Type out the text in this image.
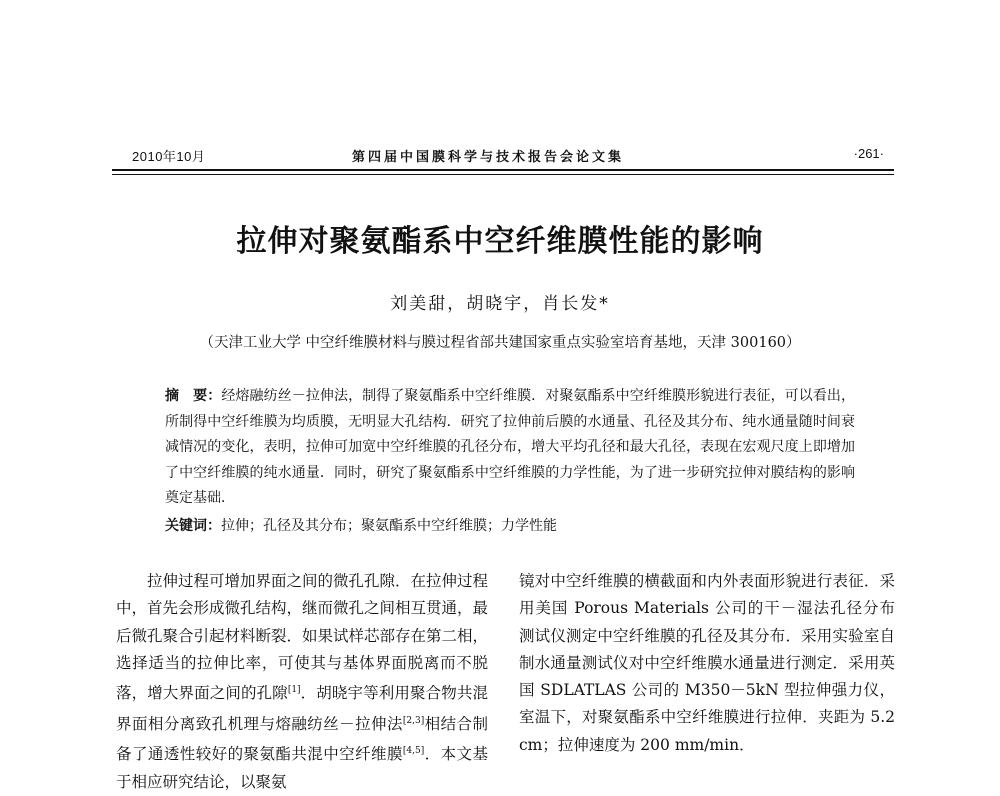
2010年10月	第四届中国膜科学与技术报告会论文集	·261·
拉伸对聚氨酯系中空纤维膜性能的影响
刘美甜，胡晓宇，肖长发*
（天津工业大学 中空纤维膜材料与膜过程省部共建国家重点实验室培育基地，天津 300160）
摘　要：经熔融纺丝－拉伸法，制得了聚氨酯系中空纤维膜．对聚氨酯系中空纤维膜形貌进行表征，可以看出，所制得中空纤维膜为均质膜，无明显大孔结构．研究了拉伸前后膜的水通量、孔径及其分布、纯水通量随时间衰减情况的变化，表明，拉伸可加宽中空纤维膜的孔径分布，增大平均孔径和最大孔径，表现在宏观尺度上即增加了中空纤维膜的纯水通量．同时，研究了聚氨酯系中空纤维膜的力学性能，为了进一步研究拉伸对膜结构的影响奠定基础．
关键词：拉伸；孔径及其分布；聚氨酯系中空纤维膜；力学性能

拉伸过程可增加界面之间的微孔孔隙．在拉伸过程中，首先会形成微孔结构，继而微孔之间相互贯通，最后微孔聚合引起材料断裂．如果试样芯部存在第二相，选择适当的拉伸比率，可使其与基体界面脱离而不脱落，增大界面之间的孔隙[1]．胡晓宇等利用聚合物共混界面相分离致孔机理与熔融纺丝－拉伸法[2,3]相结合制备了通透性较好的聚氨酯共混中空纤维膜[4,5]．本文基于相应研究结论，以聚氨

镜对中空纤维膜的横截面和内外表面形貌进行表征．采用美国 Porous Materials 公司的干－湿法孔径分布测试仪测定中空纤维膜的孔径及其分布．采用实验室自制水通量测试仪对中空纤维膜水通量进行测定．采用英国 SDLATLAS 公司的 M350－5kN 型拉伸强力仪，室温下，对聚氨酯系中空纤维膜进行拉伸．夹距为 5.2 cm；拉伸速度为 200 mm/min．
